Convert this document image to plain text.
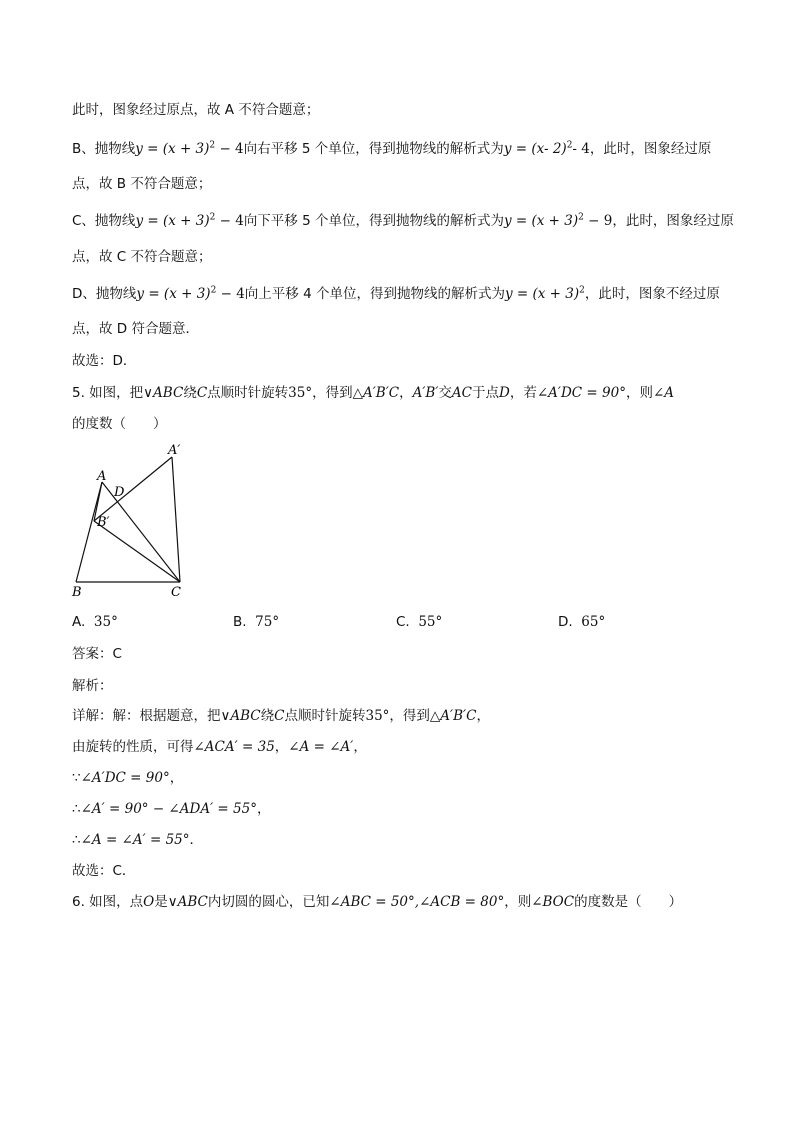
此时，图象经过原点，故 A 不符合题意；
B、抛物线$y = (x + 3)^2 - 4$向右平移 5 个单位，得到抛物线的解析式为y = (x- 2)$^2$- 4，此时，图象经过原
点，故 B 不符合题意；
C、抛物线$y = (x + 3)^2 - 4$向下平移 5 个单位，得到抛物线的解析式为$y = (x + 3)^2 - 9$，此时，图象经过原
点，故 C 不符合题意；
D、抛物线$y = (x + 3)^2 - 4$向上平移 4 个单位，得到抛物线的解析式为$y = (x + 3)^2$，此时，图象不经过原
点，故 D 符合题意．
故选：D．
5. 如图，把∨ABC绕C点顺时针旋转35°，得到△A′B′C，A′B′交AC于点D，若∠A′DC = 90°，则∠A
的度数（　　）
A′
A
D
B′
B	C
A. 35°	B. 75°	C. 55°	D. 65°
答案：C
解析：
详解：解：根据题意，把∨ABC绕C点顺时针旋转35°，得到△A′B′C，
由旋转的性质，可得∠ACA′ = 35，∠A = ∠A′，
∵∠A′DC = 90°，
∴∠A′ = 90° − ∠ADA′ = 55°，
∴∠A = ∠A′ = 55°．
故选：C．
6. 如图，点O是∨ABC内切圆的圆心，已知∠ABC = 50°,∠ACB = 80°，则∠BOC的度数是（　　）
